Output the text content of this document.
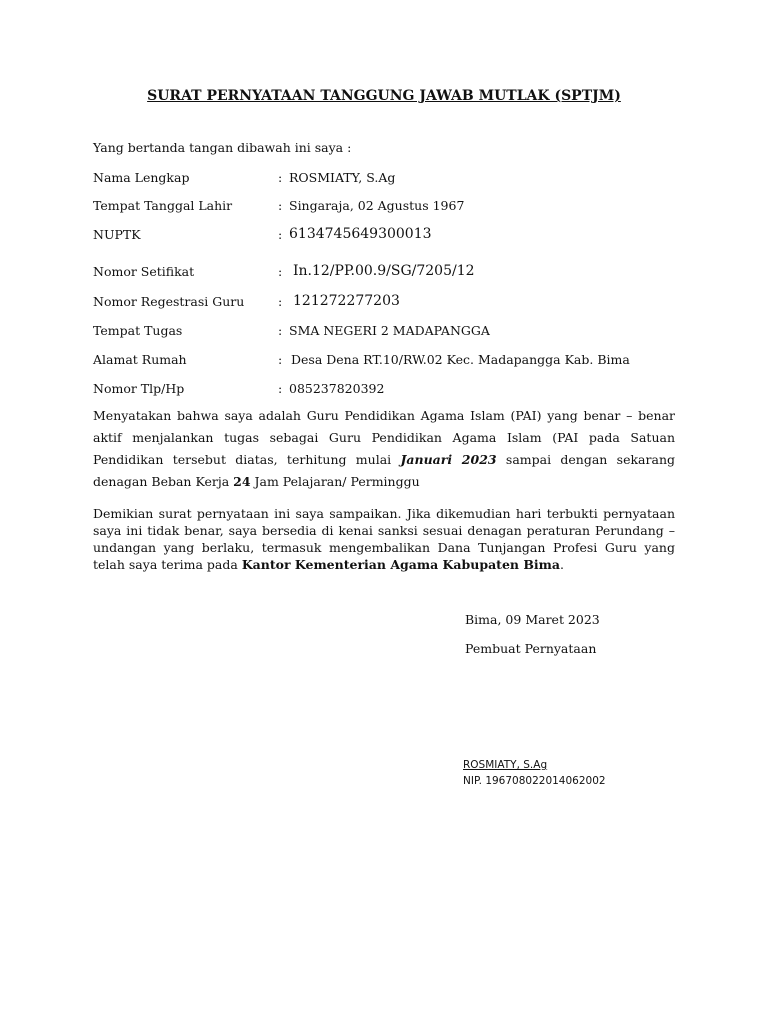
SURAT PERNYATAAN TANGGUNG JAWAB MUTLAK (SPTJM)
Yang bertanda tangan dibawah ini saya :
Nama Lengkap	: ROSMIATY, S.Ag
Tempat Tanggal Lahir	: Singaraja, 02 Agustus 1967
NUPTK	: 6134745649300013
Nomor Setifikat	: In.12/PP.00.9/SG/7205/12
Nomor Regestrasi Guru	: 121272277203
Tempat Tugas	: SMA NEGERI 2 MADAPANGGA
Alamat Rumah	: Desa Dena RT.10/RW.02 Kec. Madapangga Kab. Bima
Nomor Tlp/Hp	: 085237820392
Menyatakan bahwa saya adalah Guru Pendidikan Agama Islam (PAI) yang benar – benar aktif menjalankan tugas sebagai Guru Pendidikan Agama Islam (PAI pada Satuan Pendidikan tersebut diatas, terhitung mulai Januari 2023 sampai dengan sekarang denagan Beban Kerja 24 Jam Pelajaran/ Perminggu
Demikian surat pernyataan ini saya sampaikan. Jika dikemudian hari terbukti pernyataan saya ini tidak benar, saya bersedia di kenai sanksi sesuai denagan peraturan Perundang – undangan yang berlaku, termasuk mengembalikan Dana Tunjangan Profesi Guru yang telah saya terima pada Kantor Kementerian Agama Kabupaten Bima.
Bima, 09 Maret 2023
Pembuat Pernyataan
ROSMIATY, S.Ag
NIP. 196708022014062002
